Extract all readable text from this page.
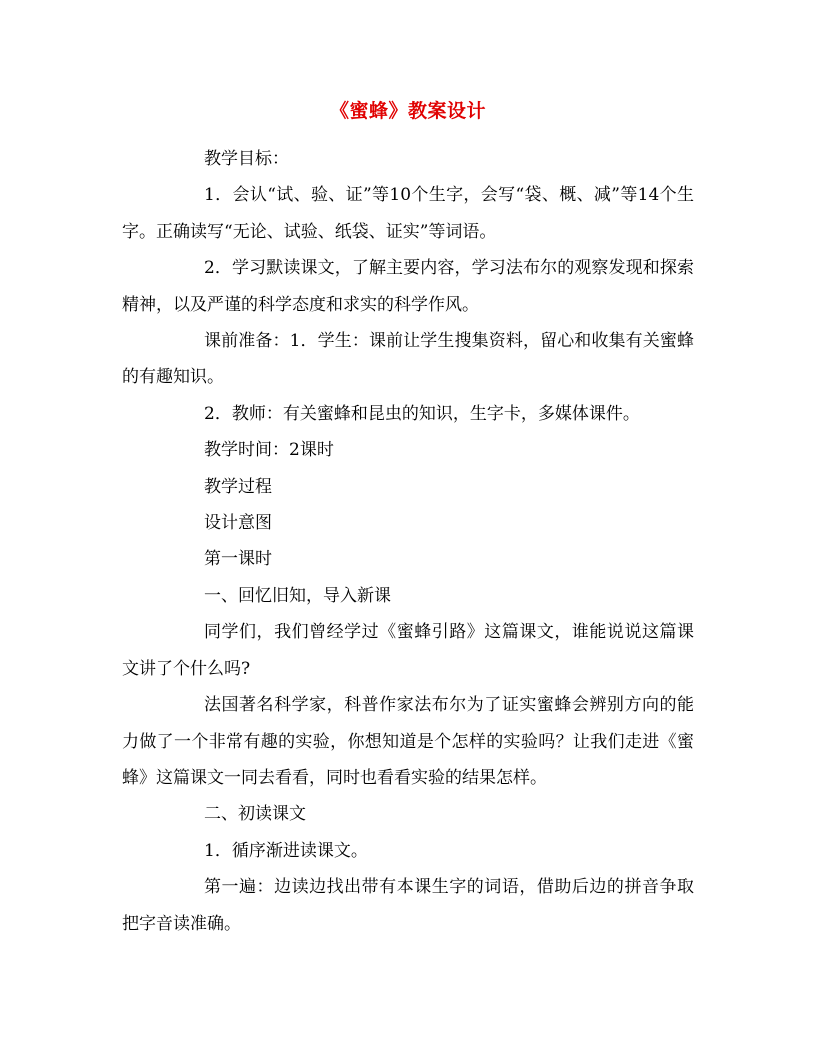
《蜜蜂》教案设计

教学目标：

1．会认“试、验、证”等10个生字，会写“袋、概、减”等14个生字。正确读写“无论、试验、纸袋、证实”等词语。

2．学习默读课文，了解主要内容，学习法布尔的观察发现和探索精神，以及严谨的科学态度和求实的科学作风。

课前准备：1．学生：课前让学生搜集资料，留心和收集有关蜜蜂的有趣知识。

2．教师：有关蜜蜂和昆虫的知识，生字卡，多媒体课件。

教学时间：2课时

教学过程

设计意图

第一课时

一、回忆旧知，导入新课

同学们，我们曾经学过《蜜蜂引路》这篇课文，谁能说说这篇课文讲了个什么吗?

法国著名科学家，科普作家法布尔为了证实蜜蜂会辨别方向的能力做了一个非常有趣的实验，你想知道是个怎样的实验吗？让我们走进《蜜蜂》这篇课文一同去看看，同时也看看实验的结果怎样。

二、初读课文

1．循序渐进读课文。

第一遍：边读边找出带有本课生字的词语，借助后边的拼音争取把字音读准确。
